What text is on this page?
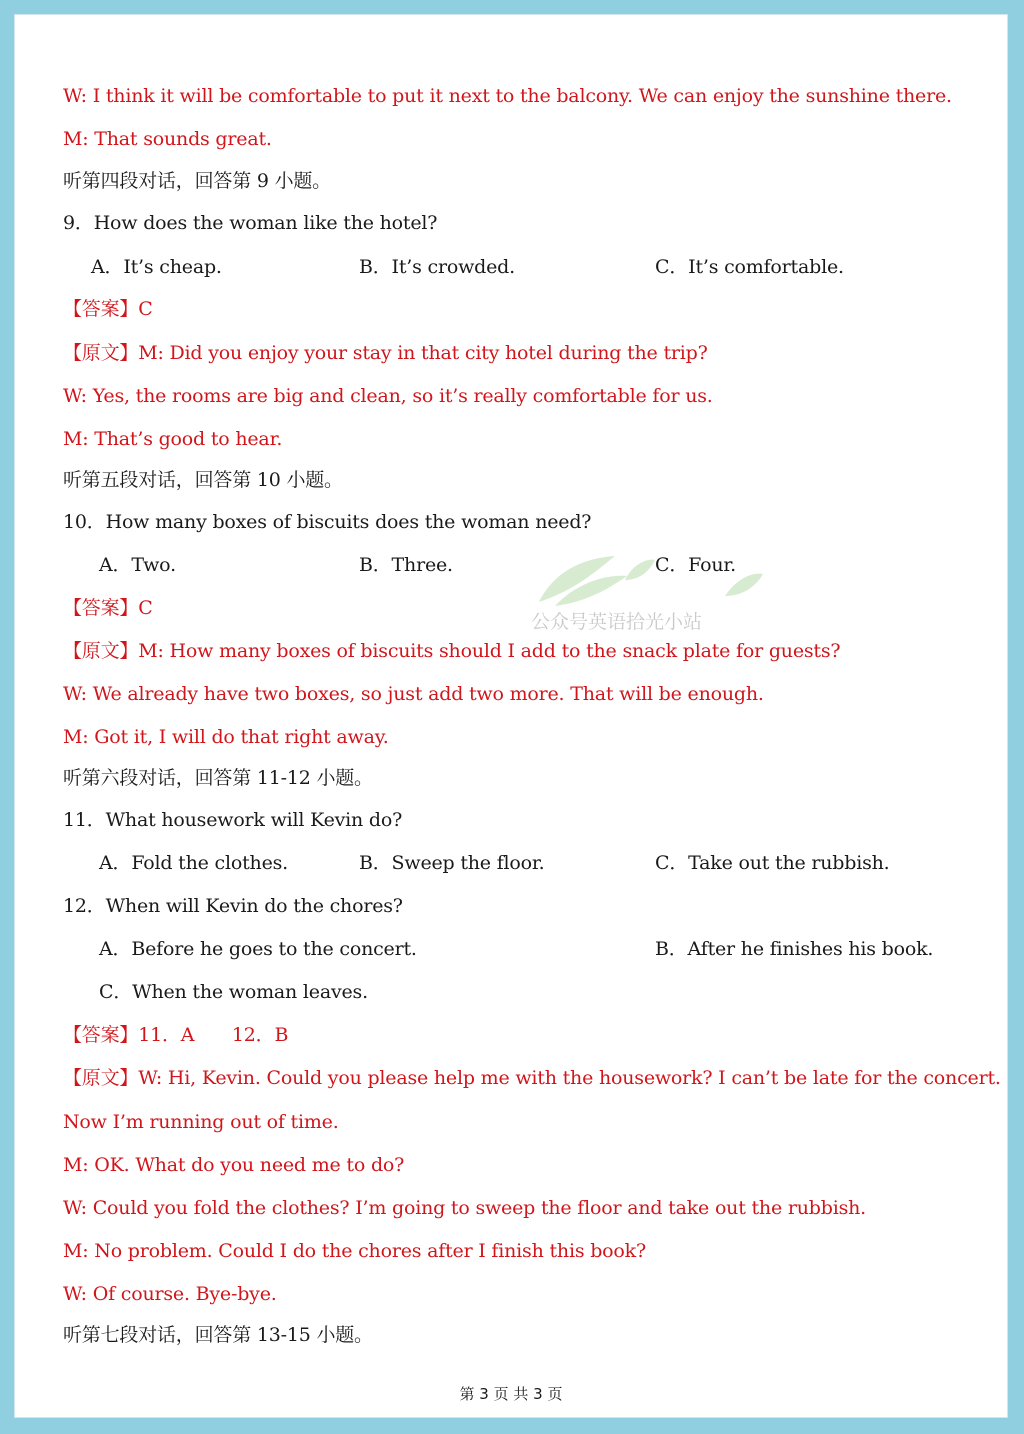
W: I think it will be comfortable to put it next to the balcony. We can enjoy the sunshine there.
M: That sounds great.
听第四段对话，回答第 9 小题。
9．How does the woman like the hotel?
A．It’s cheap.	B．It’s crowded.	C．It’s comfortable.
【答案】C
【原文】M: Did you enjoy your stay in that city hotel during the trip?
W: Yes, the rooms are big and clean, so it’s really comfortable for us.
M: That’s good to hear.
听第五段对话，回答第 10 小题。
10．How many boxes of biscuits does the woman need?
A．Two.	B．Three.	C．Four.
【答案】C
【原文】M: How many boxes of biscuits should I add to the snack plate for guests?
W: We already have two boxes, so just add two more. That will be enough.
M: Got it, I will do that right away.
听第六段对话，回答第 11-12 小题。
11．What housework will Kevin do?
A．Fold the clothes.	B．Sweep the floor.	C．Take out the rubbish.
12．When will Kevin do the chores?
A．Before he goes to the concert.	B．After he finishes his book.
C．When the woman leaves.
【答案】11．A　　12．B
【原文】W: Hi, Kevin. Could you please help me with the housework? I can’t be late for the concert.
Now I’m running out of time.
M: OK. What do you need me to do?
W: Could you fold the clothes? I’m going to sweep the floor and take out the rubbish.
M: No problem. Could I do the chores after I finish this book?
W: Of course. Bye-bye.
听第七段对话，回答第 13-15 小题。
公众号英语拾光小站
第 3 页 共 3 页
